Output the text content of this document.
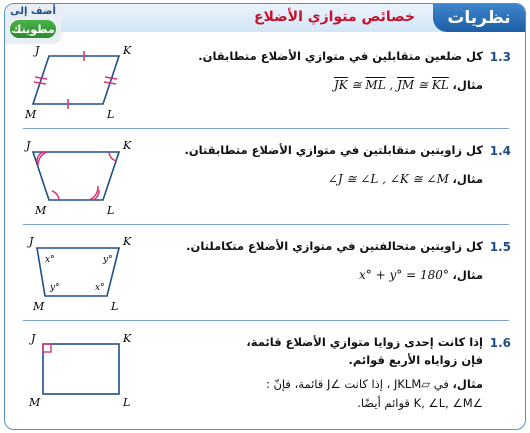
أضف إلى
مطويتك
خصائص متوازي الأضلاع	نظريات
1.3
كل ضلعين متقابلين في متوازي الأضلاع متطابقان.
مثال، $\overline{JK}$ ≅ $\overline{ML}$ , $\overline{JM}$ ≅ $\overline{KL}$
J	K
M	L
1.4
كل زاويتين متقابلتين في متوازي الأضلاع متطابقتان.
مثال، ∠J ≅ ∠L , ∠K ≅ ∠M
J	K
M	L
1.5
كل زاويتين متحالفتين في متوازي الأضلاع متكاملتان.
مثال، x° + y° = 180°
x°	y°
y°	x°
J	K
M	L
1.6
إذا كانت إحدى زوايا متوازي الأضلاع قائمة،
فإن زواياه الأربع قوائم.
مثال، في ▱JKLM ، إذا كانت ∠J قائمة، فإنّ :
∠K, ∠L, ∠M قوائم أيضًا.
J	K
M	L
